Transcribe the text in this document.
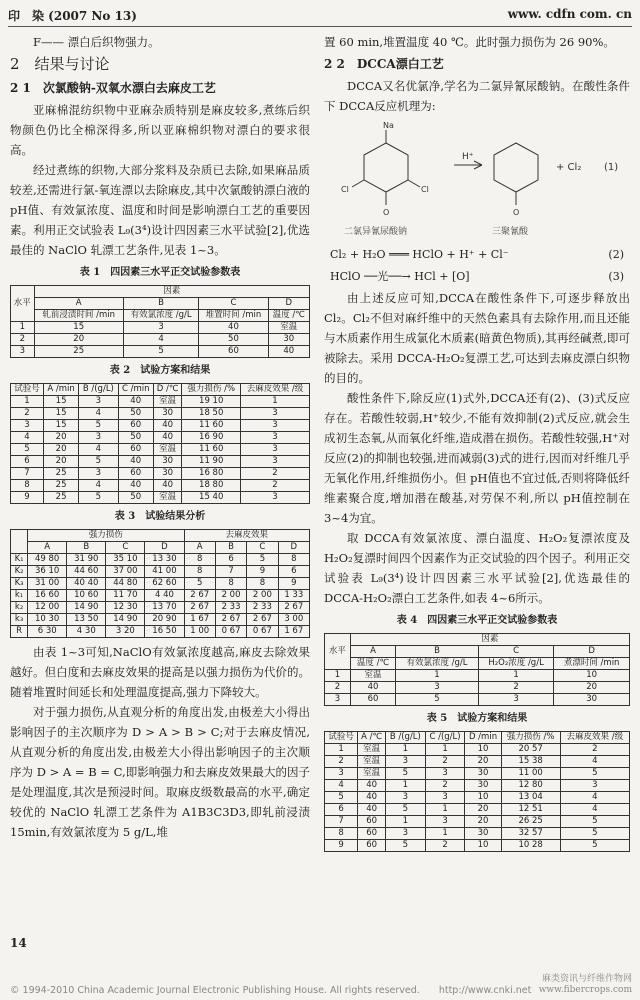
印　染 (2007 No 13)	www. cdfn com. cn

F—— 漂白后织物强力。

2　结果与讨论
2 1　次氯酸钠-双氧水漂白去麻皮工艺

亚麻棉混纺织物中亚麻杂质特别是麻皮较多,煮练后织物颜色仍比全棉深得多,所以亚麻棉织物对漂白的要求很高。

经过煮练的织物,大部分浆料及杂质已去除,如果麻品质较差,还需进行氯-氧连漂以去除麻皮,其中次氯酸钠漂白液的 pH值、有效氯浓度、温度和时间是影响漂白工艺的重要因素。利用正交试验表 L₉(3⁴)设计四因素三水平试验[2],优选最佳的 NaClO 轧漂工艺条件,见表 1~3。

表 1　四因素三水平正交试验参数表
水平	因素			
	A	B	C	D
	轧前浸渍时间 /min	有效氯浓度 /g/L	堆置时间 /min	温度 /℃
1	15	3	40	室温
2	20	4	50	30
3	25	5	60	40
表 2　试验方案和结果
试验号	A /min	B /(g/L)	C /min	D /℃	强力损伤 /%	去麻皮效果 /级
1	15	3	40	室温	19 10	1
2	15	4	50	30	18 50	3
3	15	5	60	40	11 60	3
4	20	3	50	40	16 90	3
5	20	4	60	室温	11 60	3
6	20	5	40	30	11 90	3
7	25	3	60	30	16 80	2
8	25	4	40	40	18 80	2
9	25	5	50	室温	15 40	3
表 3　试验结果分析
	强力损伤				去麻皮效果			
	A	B	C	D	A	B	C	D
K₁	49 80	31 90	35 10	13 30	8	6	5	8
K₂	36 10	44 60	37 00	41 00	8	7	9	6
K₃	31 00	40 40	44 80	62 60	5	8	8	9
k₁	16 60	10 60	11 70	4 40	2 67	2 00	2 00	1 33
k₂	12 00	14 90	12 30	13 70	2 67	2 33	2 33	2 67
k₃	10 30	13 50	14 90	20 90	1 67	2 67	2 67	3 00
R	6 30	4 30	3 20	16 50	1 00	0 67	0 67	1 67

由表 1~3可知,NaClO有效氯浓度越高,麻皮去除效果越好。但白度和去麻皮效果的提高是以强力损伤为代价的。随着堆置时间延长和处理温度提高,强力下降较大。

对于强力损伤,从直观分析的角度出发,由极差大小得出影响因子的主次顺序为 D > A > B > C;对于去麻皮情况,从直观分析的角度出发,由极差大小得出影响因子的主次顺序为 D > A = B = C,即影响强力和去麻皮效果最大的因子是处理温度,其次是预浸时间。取麻皮级数最高的水平,确定较优的 NaClO 轧漂工艺条件为 A1B3C3D3,即轧前浸渍 15min,有效氯浓度为 5 g/L,堆

置 60 min,堆置温度 40 ℃。此时强力损伤为 26 90%。

2 2　DCCA漂白工艺

DCCA又名优氯净,学名为二氯异氰尿酸钠。在酸性条件下 DCCA反应机理为:

Na
Cl	Cl
O	O
H⁺
+ Cl₂ (1)
二氯异氰尿酸钠	三聚氰酸
Cl₂ + H₂O ═══ HClO + H⁺ + Cl⁻	(2)
HClO ──光──→ HCl + [O]	(3)

由上述反应可知,DCCA在酸性条件下,可逐步释放出 Cl₂。Cl₂不但对麻纤维中的天然色素具有去除作用,而且还能与木质素作用生成氯化木质素(暗黄色物质),其再经碱煮,即可被除去。采用 DCCA-H₂O₂复漂工艺,可达到去麻皮漂白织物的目的。

酸性条件下,除反应(1)式外,DCCA还有(2)、(3)式反应存在。若酸性较弱,H⁺较少,不能有效抑制(2)式反应,就会生成初生态氧,从而氧化纤维,造成潜在损伤。若酸性较强,H⁺对反应(2)的抑制也较强,进而减弱(3)式的进行,因而对纤维几乎无氧化作用,纤维损伤小。但 pH值也不宜过低,否则将降低纤维素聚合度,增加潜在酸基,对劳保不利,所以 pH值控制在 3~4为宜。

取 DCCA有效氯浓度、漂白温度、H₂O₂复漂浓度及 H₂O₂复漂时间四个因素作为正交试验的四个因子。利用正交试验表 L₉(3⁴)设计四因素三水平试验[2],优选最佳的 DCCA-H₂O₂漂白工艺条件,如表 4~6所示。

表 4　四因素三水平正交试验参数表
水平	因素			
	A	B	C	D
	温度 /℃	有效氯浓度 /g/L	H₂O₂浓度 /g/L	煮漂时间 /min
1	室温	1	1	10
2	40	3	2	20
3	60	5	3	30
表 5　试验方案和结果
试验号	A /℃	B /(g/L)	C /(g/L)	D /min	强力损伤 /%	去麻皮效果 /级
1	室温	1	1	10	20 57	2
2	室温	3	2	20	15 38	4
3	室温	5	3	30	11 00	5
4	40	1	2	30	12 80	3
5	40	3	3	10	13 04	4
6	40	5	1	20	12 51	4
7	60	1	3	20	26 25	5
8	60	3	1	30	32 57	5
9	60	5	2	10	10 28	5
14
© 1994-2010 China Academic Journal Electronic Publishing House. All rights reserved.　　http://www.cnki.net
麻类资讯与纤维作物网
www.fibercrops.com
